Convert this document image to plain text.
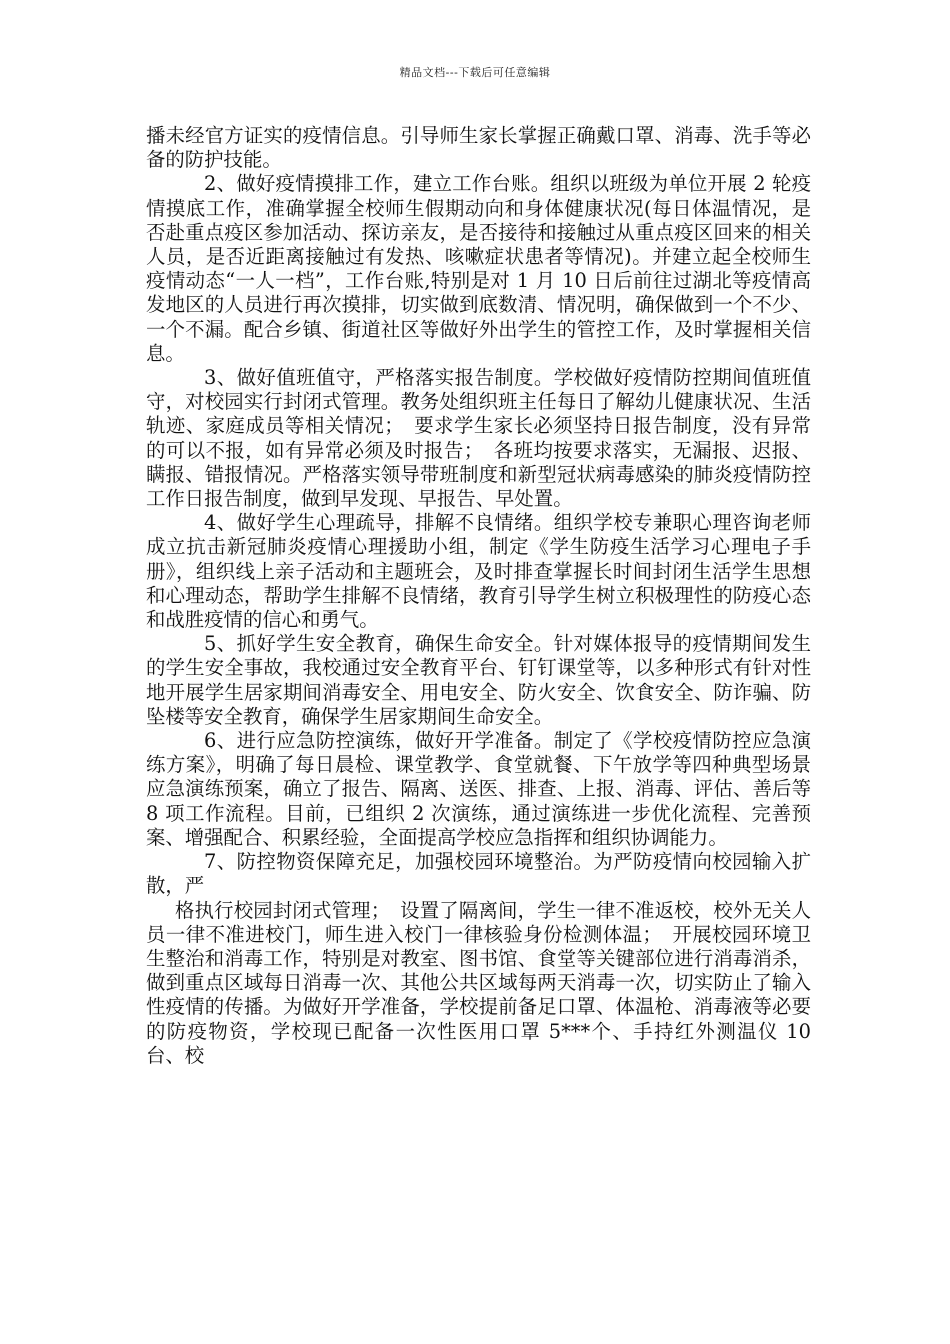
精品文档---下载后可任意编辑

播未经官方证实的疫情信息。引导师生家长掌握正确戴口罩、消毒、洗手等必备的防护技能。

2、做好疫情摸排工作，建立工作台账。组织以班级为单位开展 2 轮疫情摸底工作，准确掌握全校师生假期动向和身体健康状况(每日体温情况，是否赴重点疫区参加活动、探访亲友，是否接待和接触过从重点疫区回来的相关人员，是否近距离接触过有发热、咳嗽症状患者等情况)。并建立起全校师生疫情动态“一人一档”，工作台账,特别是对 1 月 10 日后前往过湖北等疫情高发地区的人员进行再次摸排，切实做到底数清、情况明，确保做到一个不少、一个不漏。配合乡镇、街道社区等做好外出学生的管控工作，及时掌握相关信息。

3、做好值班值守，严格落实报告制度。学校做好疫情防控期间值班值守，对校园实行封闭式管理。教务处组织班主任每日了解幼儿健康状况、生活轨迹、家庭成员等相关情况；　要求学生家长必须坚持日报告制度，没有异常的可以不报，如有异常必须及时报告；　各班均按要求落实，无漏报、迟报、瞒报、错报情况。严格落实领导带班制度和新型冠状病毒感染的肺炎疫情防控工作日报告制度，做到早发现、早报告、早处置。

4、做好学生心理疏导，排解不良情绪。组织学校专兼职心理咨询老师成立抗击新冠肺炎疫情心理援助小组，制定《学生防疫生活学习心理电子手册》，组织线上亲子活动和主题班会，及时排查掌握长时间封闭生活学生思想和心理动态，帮助学生排解不良情绪，教育引导学生树立积极理性的防疫心态和战胜疫情的信心和勇气。

5、抓好学生安全教育，确保生命安全。针对媒体报导的疫情期间发生的学生安全事故，我校通过安全教育平台、钉钉课堂等，以多种形式有针对性地开展学生居家期间消毒安全、用电安全、防火安全、饮食安全、防诈骗、防坠楼等安全教育，确保学生居家期间生命安全。

6、进行应急防控演练，做好开学准备。制定了《学校疫情防控应急演练方案》，明确了每日晨检、课堂教学、食堂就餐、下午放学等四种典型场景应急演练预案，确立了报告、隔离、送医、排查、上报、消毒、评估、善后等 8 项工作流程。目前，已组织 2 次演练，通过演练进一步优化流程、完善预案、增强配合、积累经验，全面提高学校应急指挥和组织协调能力。

7、防控物资保障充足，加强校园环境整治。为严防疫情向校园输入扩散，严

格执行校园封闭式管理；　设置了隔离间，学生一律不准返校，校外无关人员一律不准进校门，师生进入校门一律核验身份检测体温；　开展校园环境卫生整治和消毒工作，特别是对教室、图书馆、食堂等关键部位进行消毒消杀，做到重点区域每日消毒一次、其他公共区域每两天消毒一次，切实防止了输入性疫情的传播。为做好开学准备，学校提前备足口罩、体温枪、消毒液等必要的防疫物资，学校现已配备一次性医用口罩 5***个、手持红外测温仪 10 台、校
